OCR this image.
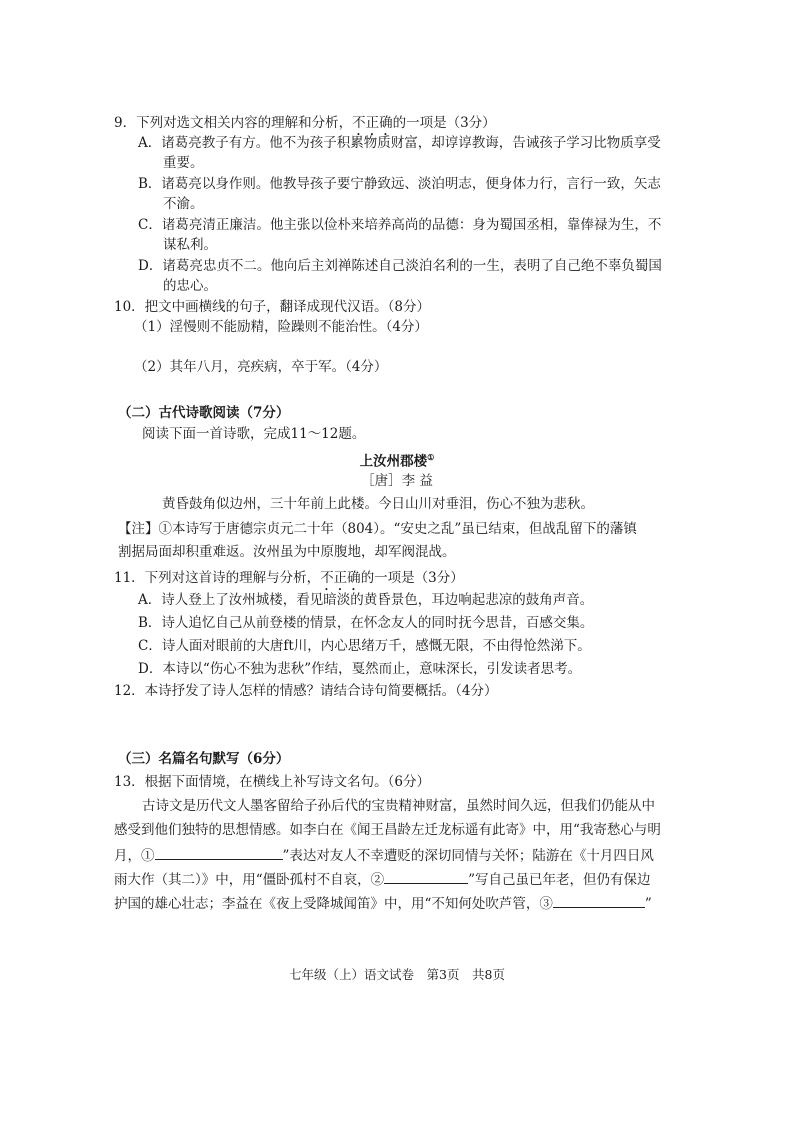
9．下列对选文相关内容的理解和分析，不正确的一项是（3分）
A．诸葛亮教子有方。他不为孩子积累物质财富，却谆谆教诲，告诫孩子学习比物质享受
重要。
B．诸葛亮以身作则。他教导孩子要宁静致远、淡泊明志，便身体力行，言行一致，矢志
不渝。
C．诸葛亮清正廉洁。他主张以俭朴来培养高尚的品德：身为蜀国丞相，靠俸禄为生，不
谋私利。
D．诸葛亮忠贞不二。他向后主刘禅陈述自己淡泊名利的一生，表明了自己绝不辜负蜀国
的忠心。
10．把文中画横线的句子，翻译成现代汉语。（8分）
（1）淫慢则不能励精，险躁则不能治性。（4分）
（2）其年八月，亮疾病，卒于军。（4分）
（二）古代诗歌阅读（7分）
阅读下面一首诗歌，完成11～12题。
上汝州郡楼①
［唐］李 益
黄昏鼓角似边州，三十年前上此楼。今日山川对垂泪，伤心不独为悲秋。
【注】①本诗写于唐德宗贞元二十年（804）。“安史之乱”虽已结束，但战乱留下的藩镇
割据局面却积重难返。汝州虽为中原腹地，却军阀混战。
11．下列对这首诗的理解与分析，不正确的一项是（3分）
A．诗人登上了汝州城楼，看见暗淡的黄昏景色，耳边响起悲凉的鼓角声音。
B．诗人追忆自己从前登楼的情景，在怀念友人的同时抚今思昔，百感交集。
C．诗人面对眼前的大唐ft川，内心思绪万千，感慨无限，不由得怆然涕下。
D．本诗以“伤心不独为悲秋”作结，戛然而止，意味深长，引发读者思考。
12．本诗抒发了诗人怎样的情感？请结合诗句简要概括。（4分）
（三）名篇名句默写（6分）
13．根据下面情境，在横线上补写诗文名句。（6分）
古诗文是历代文人墨客留给子孙后代的宝贵精神财富，虽然时间久远，但我们仍能从中
感受到他们独特的思想情感。如李白在《闻王昌龄左迁龙标遥有此寄》中，用“我寄愁心与明
月，①	”表达对友人不幸遭贬的深切同情与关怀；陆游在《十月四日风
雨大作（其二）》中，用“僵卧孤村不自哀，②	”写自己虽已年老，但仍有保边
护国的雄心壮志；李益在《夜上受降城闻笛》中，用“不知何处吹芦管，③	”
七年级（上）语文试卷　第3页　共8页
